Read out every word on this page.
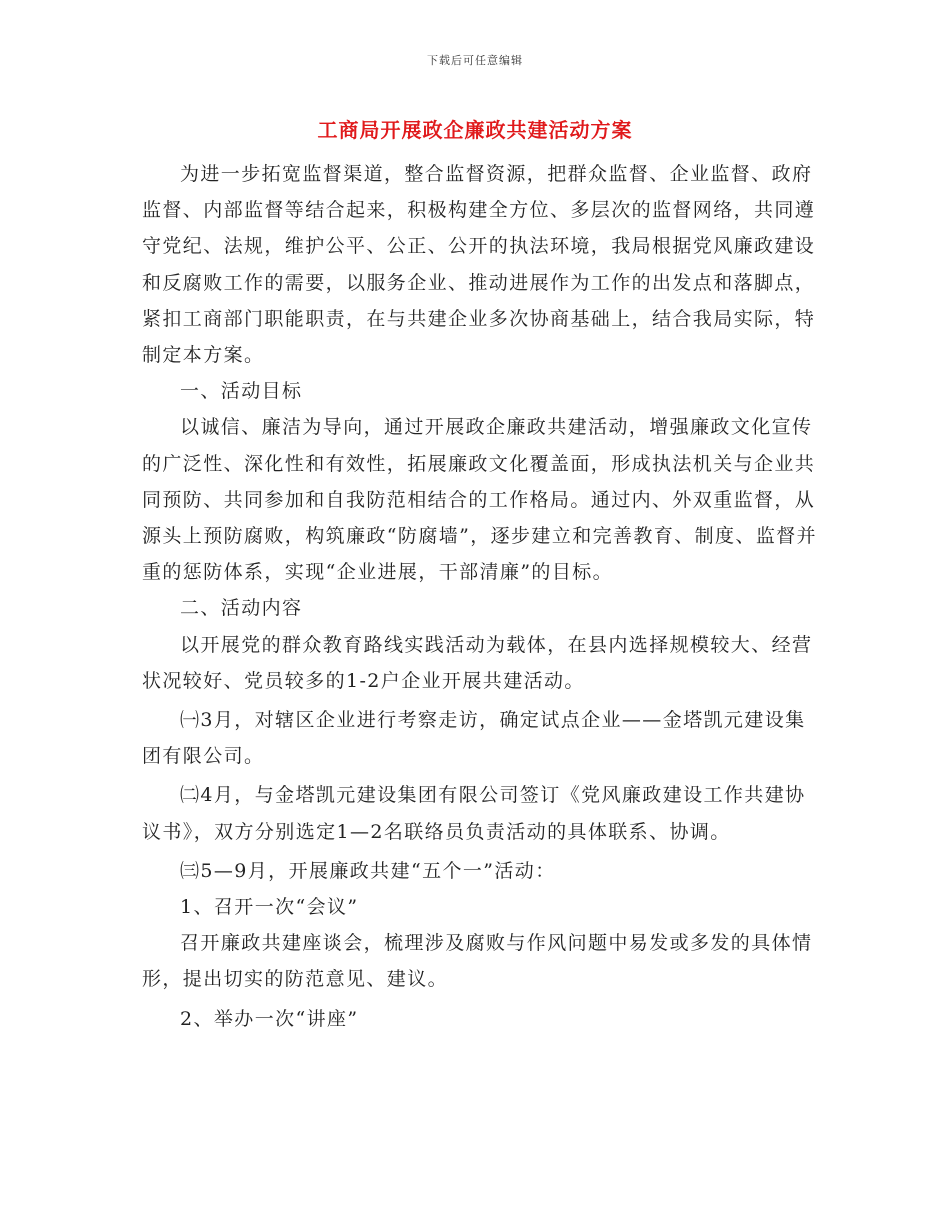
下载后可任意编辑
工商局开展政企廉政共建活动方案

为进一步拓宽监督渠道，整合监督资源，把群众监督、企业监督、政府监督、内部监督等结合起来，积极构建全方位、多层次的监督网络，共同遵守党纪、法规，维护公平、公正、公开的执法环境，我局根据党风廉政建设和反腐败工作的需要，以服务企业、推动进展作为工作的出发点和落脚点，紧扣工商部门职能职责，在与共建企业多次协商基础上，结合我局实际，特制定本方案。

一、活动目标

以诚信、廉洁为导向，通过开展政企廉政共建活动，增强廉政文化宣传的广泛性、深化性和有效性，拓展廉政文化覆盖面，形成执法机关与企业共同预防、共同参加和自我防范相结合的工作格局。通过内、外双重监督，从源头上预防腐败，构筑廉政“防腐墙”，逐步建立和完善教育、制度、监督并重的惩防体系，实现“企业进展，干部清廉”的目标。

二、活动内容

以开展党的群众教育路线实践活动为载体，在县内选择规模较大、经营状况较好、党员较多的1-2户企业开展共建活动。

㈠3月，对辖区企业进行考察走访，确定试点企业——金塔凯元建设集团有限公司。

㈡4月，与金塔凯元建设集团有限公司签订《党风廉政建设工作共建协议书》，双方分别选定1—2名联络员负责活动的具体联系、协调。

㈢5—9月，开展廉政共建“五个一”活动：

1、召开一次“会议”

召开廉政共建座谈会，梳理涉及腐败与作风问题中易发或多发的具体情形，提出切实的防范意见、建议。

2、举办一次“讲座”
